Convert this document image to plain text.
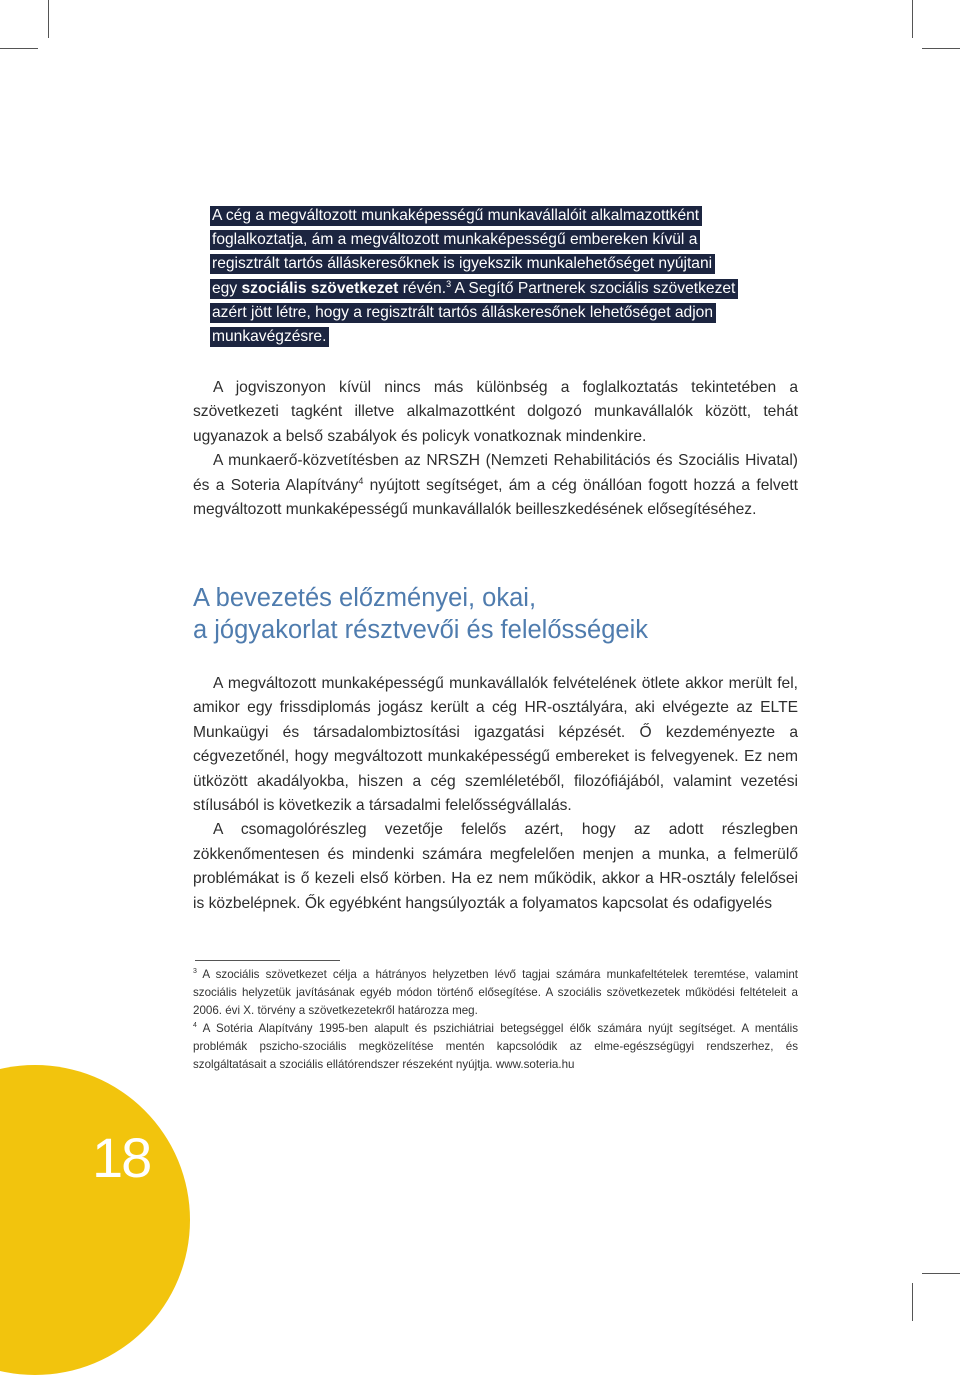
A cég a megváltozott munkaképességű munkavállalóit alkalmazottként
foglalkoztatja, ám a megváltozott munkaképességű embereken kívül a
regisztrált tartós álláskeresőknek is igyekszik munkalehetőséget nyújtani
egy szociális szövetkezet révén.$^3$ A Segítő Partnerek szociális szövetkezet
azért jött létre, hogy a regisztrált tartós álláskeresőnek lehetőséget adjon
munkavégzésre.

A jogviszonyon kívül nincs más különbség a foglalkoztatás tekintetében a szövetkezeti tagként illetve alkalmazottként dolgozó munkavállalók között, tehát ugyanazok a belső szabályok és policyk vonatkoznak mindenkire.

A munkaerő-közvetítésben az NRSZH (Nemzeti Rehabilitációs és Szociális Hivatal) és a Soteria Alapítvány$^4$ nyújtott segítséget, ám a cég önállóan fogott hozzá a felvett megváltozott munkaképességű munkavállalók beilleszkedésének elősegítéséhez.

A bevezetés előzményei, okai,
a jógyakorlat résztvevői és felelősségeik

A megváltozott munkaképességű munkavállalók felvételének ötlete akkor merült fel, amikor egy frissdiplomás jogász került a cég HR-osztályára, aki elvégezte az ELTE Munkaügyi és társadalombiztosítási igazgatási képzését. Ő kezdeményezte a cégvezetőnél, hogy megváltozott munkaképességű embereket is felvegyenek. Ez nem ütközött akadályokba, hiszen a cég szemléletéből, filozófiájából, valamint vezetési stílusából is következik a társadalmi felelősségvállalás.

A csomagolórészleg vezetője felelős azért, hogy az adott részlegben zökkenőmentesen és mindenki számára megfelelően menjen a munka, a felmerülő problémákat is ő kezeli első körben. Ha ez nem működik, akkor a HR-osztály felelősei is közbelépnek. Ők egyébként hangsúlyozták a folyamatos kapcsolat és odafigyelés

$^3$ A szociális szövetkezet célja a hátrányos helyzetben lévő tagjai számára munkafeltételek teremtése, valamint szociális helyzetük javításának egyéb módon történő elősegítése. A szociális szövetkezetek működési feltételeit a 2006. évi X. törvény a szövetkezetekről határozza meg.

$^4$ A Sotéria Alapítvány 1995-ben alapult és pszichiátriai betegséggel élők számára nyújt segítséget. A mentális problémák pszicho-szociális megközelítése mentén kapcsolódik az elme-egészségügyi rendszerhez, és szolgáltatásait a szociális ellátórendszer részeként nyújtja. www.soteria.hu

18
